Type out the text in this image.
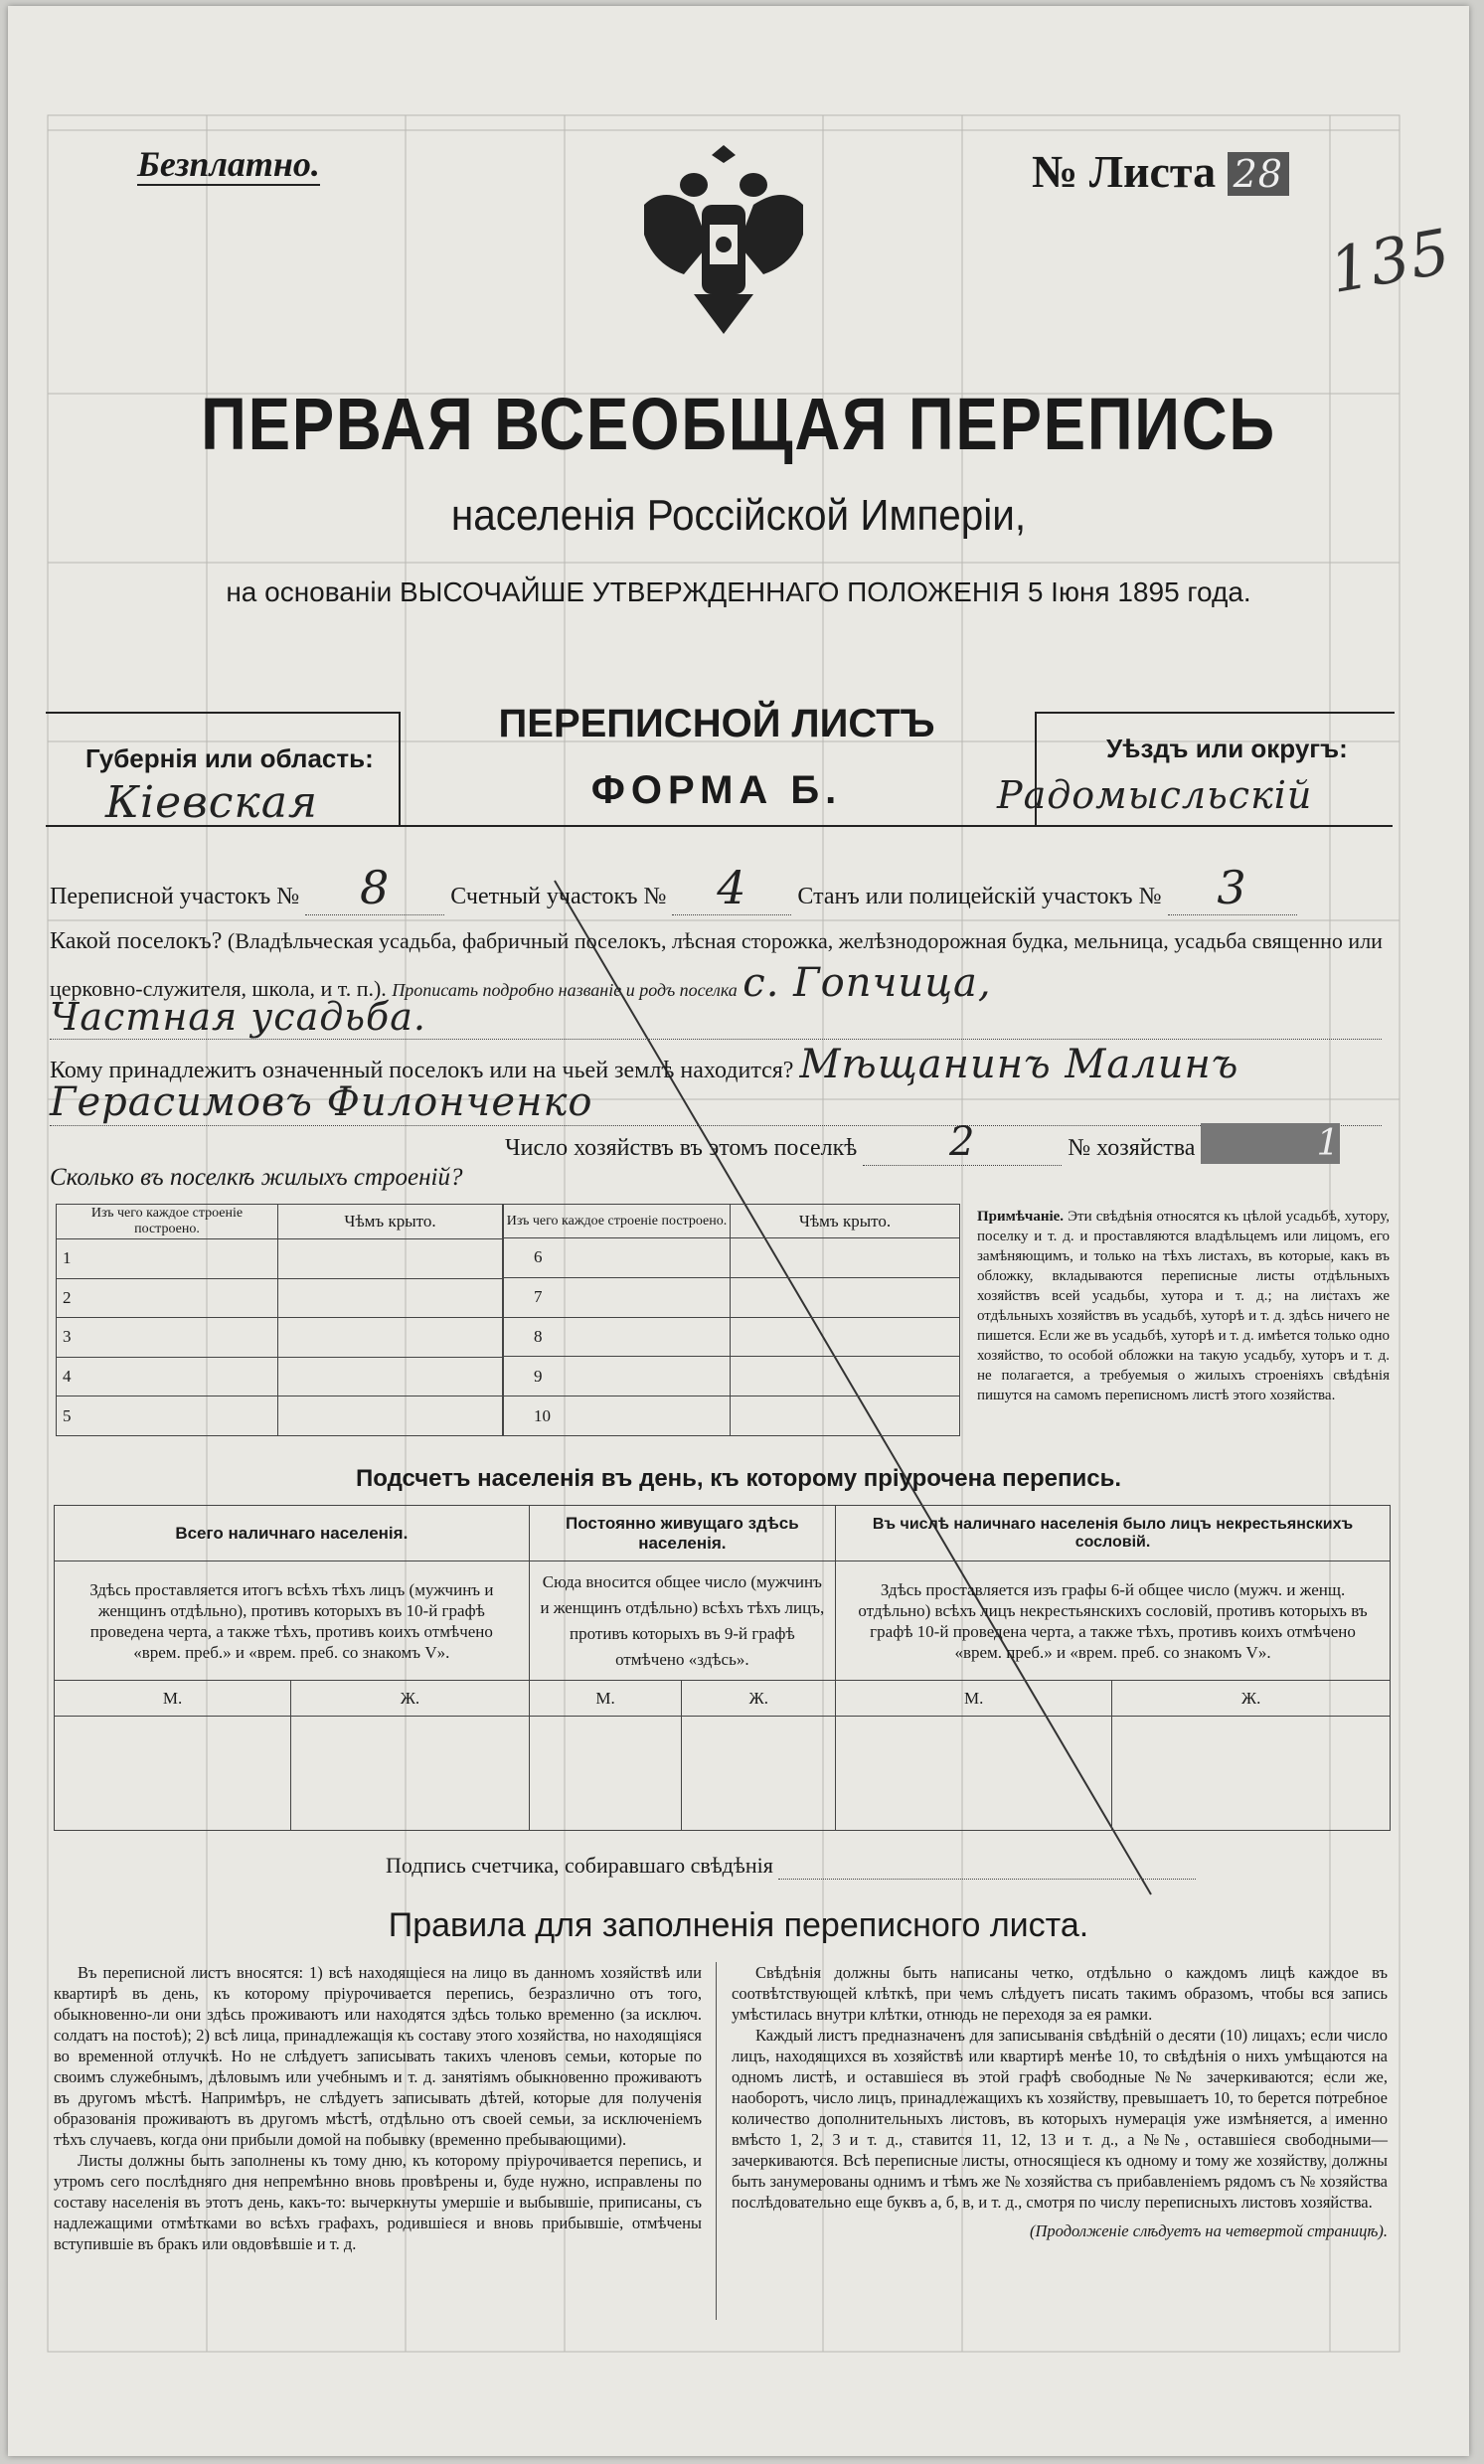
Безплатно.	№ Листа 28
135
ПЕРВАЯ ВСЕОБЩАЯ ПЕРЕПИСЬ
населенія Россійской Имперіи,
на основаніи ВЫСОЧАЙШЕ УТВЕРЖДЕННАГО ПОЛОЖЕНІЯ 5 Іюня 1895 года.
Губернія или область:
Кіевская
ПЕРЕПИСНОЙ ЛИСТЪ
ФОРМА Б.
Уѣздъ или округъ:
Радомысльскій
Переписной участокъ № 8	Счетный участокъ № 4 Станъ или полицейскій участокъ № 3
Какой поселокъ? (Владѣльческая усадьба, фабричный поселокъ, лѣсная сторожка, желѣзнодорожная будка, мельница, усадьба священно или церковно-служителя, школа, и т. п.). Прописать подробно названіе и родъ поселка с. Гопчица,
Частная усадьба.
Кому принадлежитъ означенный поселокъ или на чьей землѣ находится? Мѣщанинъ Малинъ
Герасимовъ Филонченко
Число хозяйствъ въ этомъ поселкѣ 2	№ хозяйства	1
Сколько въ поселкѣ жилыхъ строеній?
Изъ чего каждое строеніе построено.	Чѣмъ крыто.
1	
2	
3	
4	
5	
Изъ чего каждое строеніе построено.	Чѣмъ крыто.
6	
7	
8	
9	
10	
Примѣчаніе. Эти свѣдѣнія относятся къ цѣлой усадьбѣ, хутору, поселку и т. д. и проставляются владѣльцемъ или лицомъ, его замѣняющимъ, и только на тѣхъ листахъ, въ которые, какъ въ обложку, вкладываются переписные листы отдѣльныхъ хозяйствъ всей усадьбы, хутора и т. д.; на листахъ же отдѣльныхъ хозяйствъ въ усадьбѣ, хуторѣ и т. д. здѣсь ничего не пишется. Если же въ усадьбѣ, хуторѣ и т. д. имѣется только одно хозяйство, то особой обложки на такую усадьбу, хуторъ и т. д. не полагается, а требуемыя о жилыхъ строеніяхъ свѣдѣнія пишутся на самомъ переписномъ листѣ этого хозяйства.
Подсчетъ населенія въ день, къ которому пріурочена перепись.
Всего наличнаго населенія.		Постоянно живущаго здѣсь населенія.		Въ числѣ наличнаго населенія было лицъ некрестьянскихъ сословій.	
Здѣсь проставляется итогъ всѣхъ тѣхъ лицъ (мужчинъ и женщинъ отдѣльно), противъ которыхъ въ 10-й графѣ проведена черта, а также тѣхъ, противъ коихъ отмѣчено «врем. преб.» и «врем. преб. со знакомъ V».		Сюда вносится общее число (мужчинъ и женщинъ отдѣльно) всѣхъ тѣхъ лицъ, противъ которыхъ въ 9-й графѣ отмѣчено «здѣсь».		Здѣсь проставляется изъ графы 6-й общее число (мужч. и женщ. отдѣльно) всѣхъ лицъ некрестьянскихъ сословій, противъ которыхъ въ графѣ 10-й проведена черта, а также тѣхъ, противъ коихъ отмѣчено «врем. преб.» и «врем. преб. со знакомъ V».	
М.	Ж.	М.	Ж.	М.	Ж.

Подпись счетчика, собиравшаго свѣдѣнія
Правила для заполненія переписного листа.

Въ переписной листъ вносятся: 1) всѣ находящіеся на лицо въ данномъ хозяйствѣ или квартирѣ въ день, къ которому пріурочивается перепись, безразлично отъ того, обыкновенно-ли они здѣсь проживаютъ или находятся здѣсь только временно (за исключ. солдатъ на постоѣ); 2) всѣ лица, принадлежащія къ составу этого хозяйства, но находящіяся во временной отлучкѣ. Но не слѣдуетъ записывать такихъ членовъ семьи, которые по своимъ служебнымъ, дѣловымъ или учебнымъ и т. д. занятіямъ обыкновенно проживаютъ въ другомъ мѣстѣ. Напримѣръ, не слѣдуетъ записывать дѣтей, которые для полученія образованія проживаютъ въ другомъ мѣстѣ, отдѣльно отъ своей семьи, за исключеніемъ тѣхъ случаевъ, когда они прибыли домой на побывку (временно пребывающими).

Листы должны быть заполнены къ тому дню, къ которому пріурочивается перепись, и утромъ сего послѣдняго дня непремѣнно вновь провѣрены и, буде нужно, исправлены по составу населенія въ этотъ день, какъ-то: вычеркнуты умершіе и выбывшіе, приписаны, съ надлежащими отмѣтками во всѣхъ графахъ, родившіеся и вновь прибывшіе, отмѣчены вступившіе въ бракъ или овдовѣвшіе и т. д.

Свѣдѣнія должны быть написаны четко, отдѣльно о каждомъ лицѣ каждое въ соотвѣтствующей клѣткѣ, при чемъ слѣдуетъ писать такимъ образомъ, чтобы вся запись умѣстилась внутри клѣтки, отнюдь не переходя за ея рамки.

Каждый листъ предназначенъ для записыванія свѣдѣній о десяти (10) лицахъ; если число лицъ, находящихся въ хозяйствѣ или квартирѣ менѣе 10, то свѣдѣнія о нихъ умѣщаются на одномъ листѣ, и оставшіеся въ этой графѣ свободные №№ зачеркиваются; если же, наоборотъ, число лицъ, принадлежащихъ къ хозяйству, превышаетъ 10, то берется потребное количество дополнительныхъ листовъ, въ которыхъ нумерація уже измѣняется, а именно вмѣсто 1, 2, 3 и т. д., ставится 11, 12, 13 и т. д., а №№, оставшіеся свободными—зачеркиваются. Всѣ переписные листы, относящіеся къ одному и тому же хозяйству, должны быть занумерованы однимъ и тѣмъ же № хозяйства съ прибавленіемъ рядомъ съ № хозяйства послѣдовательно еще буквъ а, б, в, и т. д., смотря по числу переписныхъ листовъ хозяйства.

(Продолженіе слѣдуетъ на четвертой страницѣ).
